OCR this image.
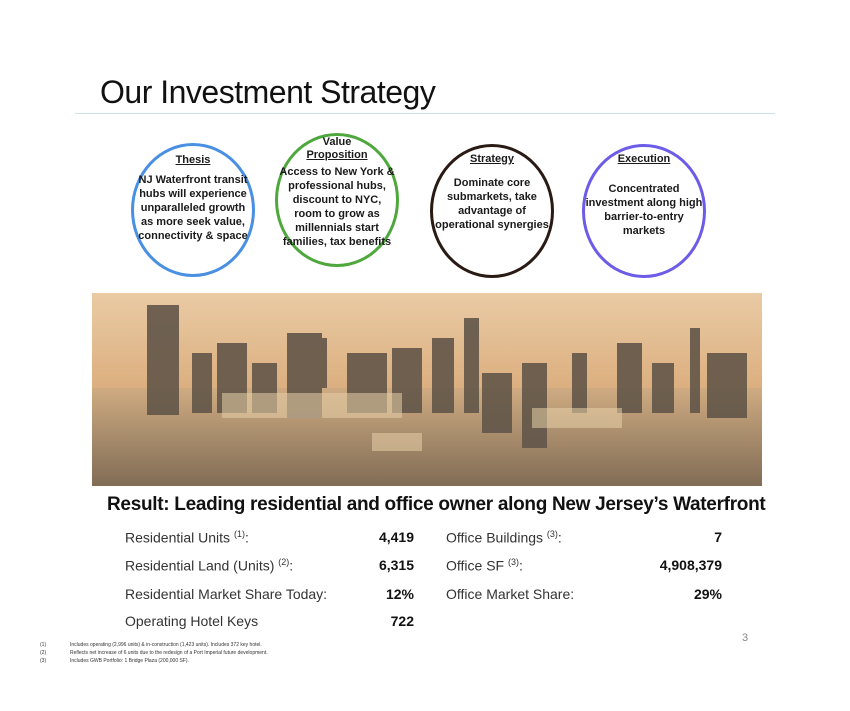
Our Investment Strategy
Thesis
NJ Waterfront transit hubs will experience unparalleled growth as more seek value, connectivity & space
Value
Proposition
Access to New York & professional hubs, discount to NYC, room to grow as millennials start families, tax benefits
Strategy
Dominate core submarkets, take advantage of operational synergies
Execution
Concentrated investment along high barrier-to-entry markets
Result: Leading residential and office owner along New Jersey’s Waterfront
Residential Units $^{(1)}$:	4,419
Residential Land (Units) $^{(2)}$:	6,315
Residential Market Share Today:	12%
Operating Hotel Keys	722
Office Buildings $^{(3)}$:	7
Office SF $^{(3)}$:	4,908,379
Office Market Share:	29%
3
(1)	Includes operating (2,996 units) & in-construction (1,423 units). Includes 372 key hotel.
(2)	Reflects net increase of 6 units due to the redesign of a Port Imperial future development.
(3)	Includes GWB Portfolio: 1 Bridge Plaza (200,000 SF).
